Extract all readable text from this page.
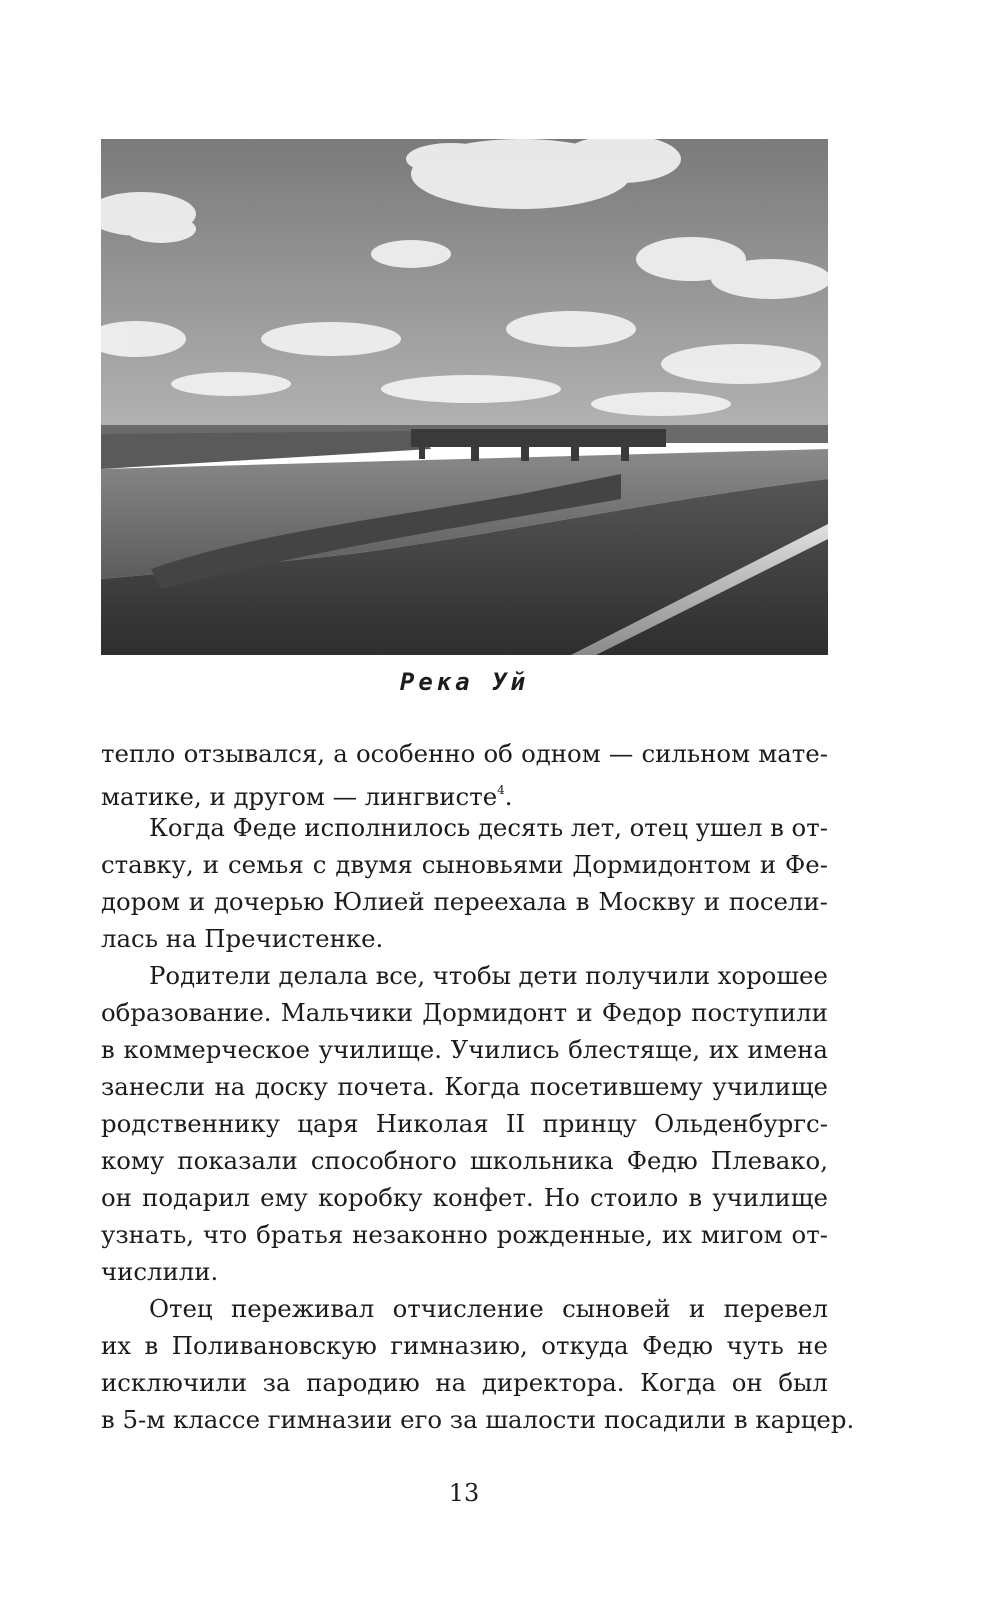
Река Уй
тепло отзывался, а особенно об одном — сильном мате-
матике, и другом — лингвисте$^4$.
Когда Феде исполнилось десять лет, отец ушел в от-
ставку, и семья с двумя сыновьями Дормидонтом и Фе-
дором и дочерью Юлией переехала в Москву и посели-
лась на Пречистенке.
Родители делала все, чтобы дети получили хорошее
образование. Мальчики Дормидонт и Федор поступили
в коммерческое училище. Учились блестяще, их имена
занесли на доску почета. Когда посетившему училище
родственнику царя Николая II принцу Ольденбургс-
кому показали способного школьника Федю Плевако,
он подарил ему коробку конфет. Но стоило в училище
узнать, что братья незаконно рожденные, их мигом от-
числили.
Отец переживал отчисление сыновей и перевел
их в Поливановскую гимназию, откуда Федю чуть не
исключили за пародию на директора. Когда он был
в 5-м классе гимназии его за шалости посадили в карцер.
13
